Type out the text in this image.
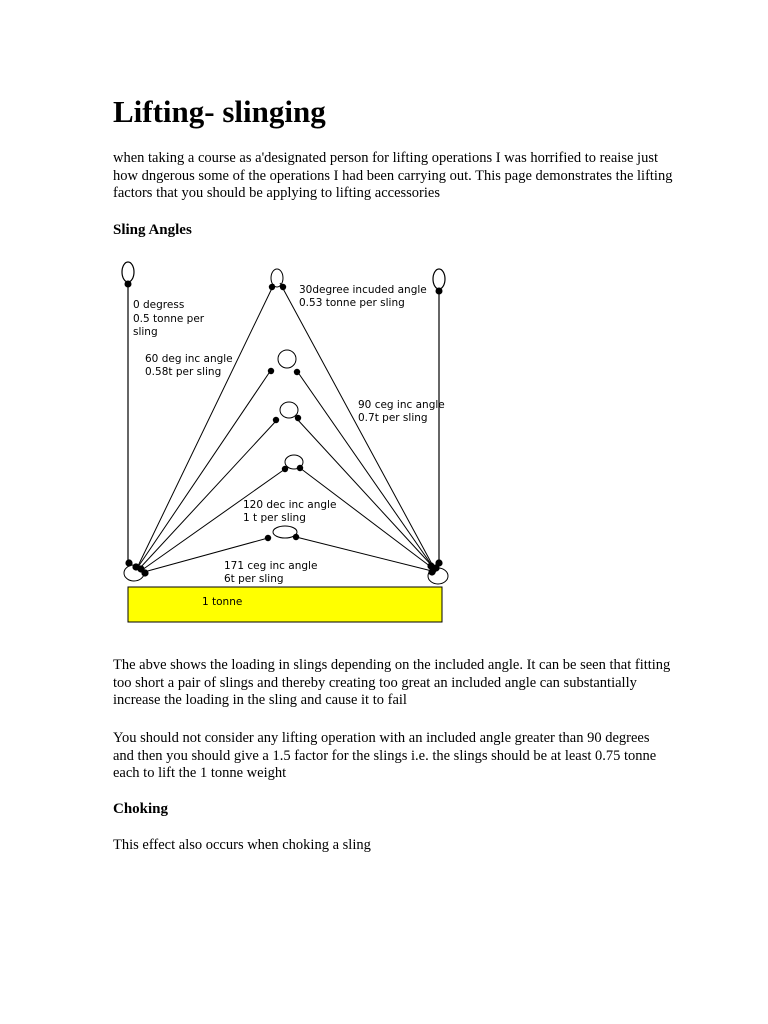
Lifting- slinging

when taking a course as a'designated person for lifting operations I was horrified to reaise just how dngerous some of the operations I had been carrying out. This page demonstrates the lifting factors that you should be applying to lifting accessories

Sling Angles

The abve shows the loading in slings depending on the included angle. It can be seen that fitting too short a pair of slings and thereby creating too great an included angle can substantially increase the loading in the sling and cause it to fail

You should not consider any lifting operation with an included angle greater than 90 degrees and then you should give a 1.5 factor for the slings i.e. the slings should be at least 0.75 tonne each to lift the 1 tonne weight

Choking

This effect also occurs when choking a sling

1 tonne
0 degress
0.5 tonne per
sling
30degree incuded angle
0.53 tonne per sling
60 deg inc angle
0.58t per sling
90 ceg inc angle
0.7t per sling
120 dec inc angle
1 t per sling
171 ceg inc angle
6t per sling
